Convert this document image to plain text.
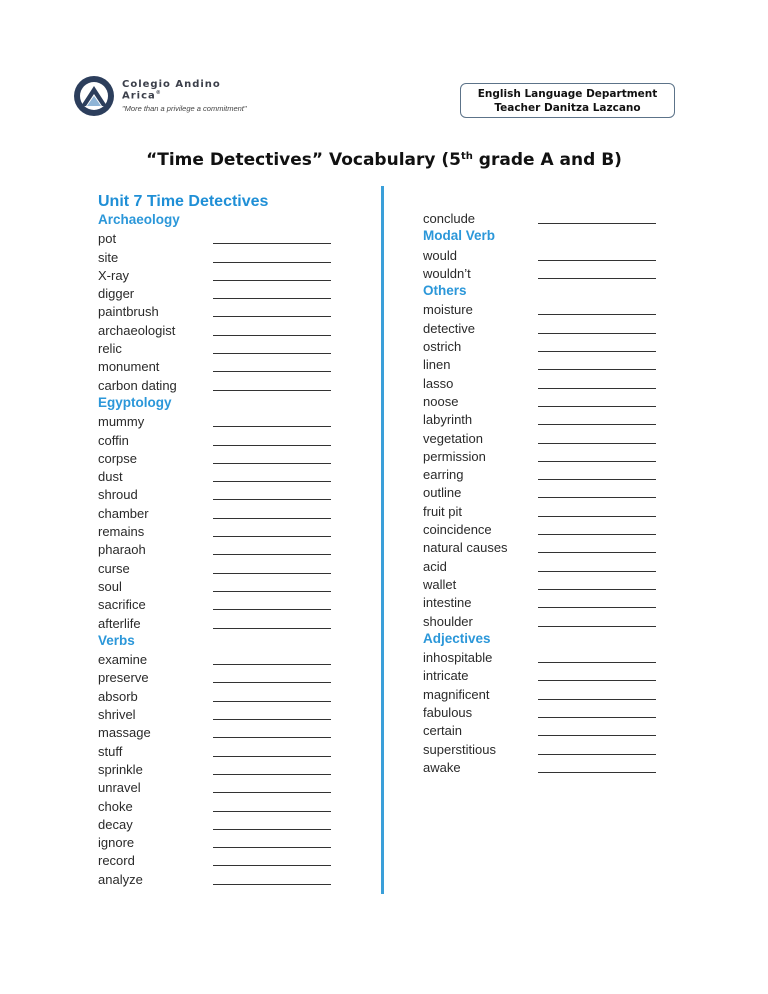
Colegio Andino Arica®
"More than a privilege a commitment"
English Language Department
Teacher Danitza Lazcano
“Time Detectives” Vocabulary (5th grade A and B)
Unit 7 Time Detectives
Archaeology
pot
site
X-ray
digger
paintbrush
archaeologist
relic
monument
carbon dating
Egyptology
mummy
coffin
corpse
dust
shroud
chamber
remains
pharaoh
curse
soul
sacrifice
afterlife
Verbs
examine
preserve
absorb
shrivel
massage
stuff
sprinkle
unravel
choke
decay
ignore
record
analyze
conclude
Modal Verb
would
wouldn’t
Others
moisture
detective
ostrich
linen
lasso
noose
labyrinth
vegetation
permission
earring
outline
fruit pit
coincidence
natural causes
acid
wallet
intestine
shoulder
Adjectives
inhospitable
intricate
magnificent
fabulous
certain
superstitious
awake
